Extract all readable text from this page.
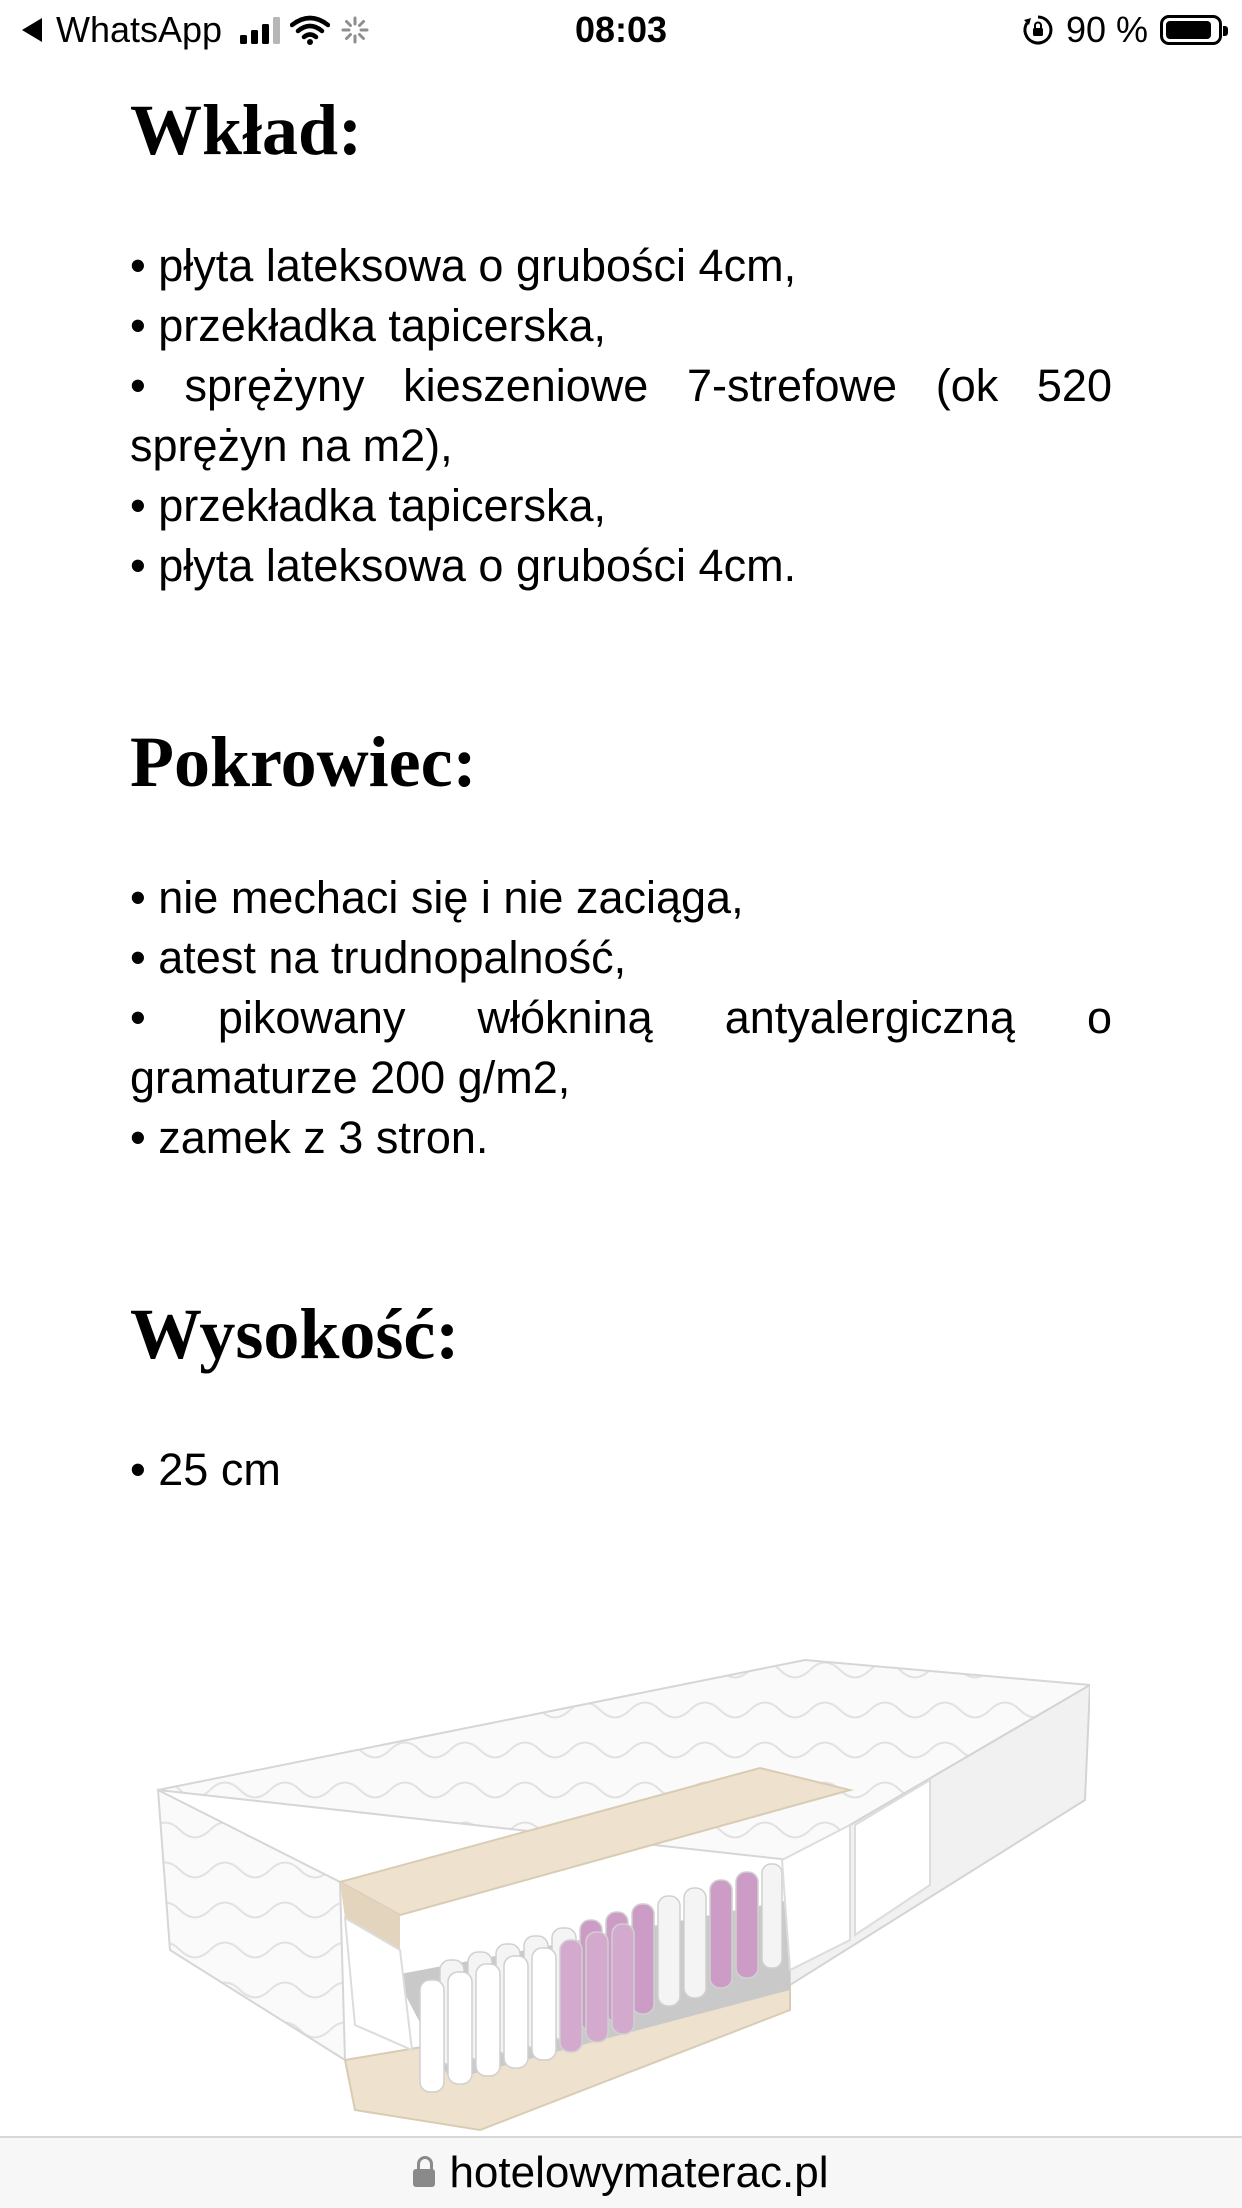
WhatsApp	08:03	90 %
Wkład:
• płyta lateksowa o grubości 4cm,
• przekładka tapicerska,
• sprężyny kieszeniowe 7-strefowe (ok 520 sprężyn na m2),
• przekładka tapicerska,
• płyta lateksowa o grubości 4cm.
Pokrowiec:
• nie mechaci się i nie zaciąga,
• atest na trudnopalność,
• pikowany włókniną antyalergiczną o gramaturze 200 g/m2,
• zamek z 3 stron.
Wysokość:
• 25 cm
hotelowymaterac.pl
